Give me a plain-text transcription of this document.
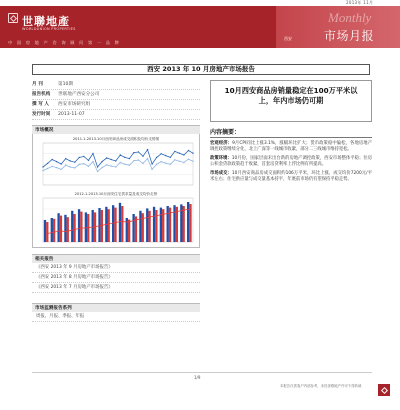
2013年 11月
世聯地產
WORLDUNION PROPERTIES
中国房地产咨询顾问第一品牌
Monthly
西安	市场月报
西安 2013 年 10 月房地产市场报告
月 刊	第10期
报告机构	世联地产西安分公司
撰 写 人	西安市场研究组
发行时间	2013-11-07
市场概况
2011.1-2013.10月西安商品房成交面积及均价走势图
2012.1-2013.10月西安住宅供求量及成交均价走势
相关报告
《西安 2013 年 9 月房地产市场报告》
《西安 2013 年 8 月房地产市场报告》
《西安 2013 年 7 月房地产市场报告》
市场监测报告系列
周报、月报、季报、年报
10月西安商品房销量稳定在100万平米以上，年内市场仍可期
内容摘要：
宏观经济：9月CPI同比上涨3.1%，涨幅环比扩大；货币政策稳中偏松，各地房地产调控政策继续分化，北上广深等一线城市收紧，部分二三线城市维持宽松。
政策环境：10月份，国家层面未出台新的房地产调控政策，西安市场整体平稳；住房公积金贷款政策趋于收紧，首套房贷利率上浮比例有所提高。
市场成交：10月西安商品房成交面积约106万平米，环比上涨，成交均价7200元/平米左右；住宅供应量与成交量基本持平，年底前市场仍有望保持平稳走势。
1/9
本报告仅供客户内部参考，未经世联地产许可不得转载
